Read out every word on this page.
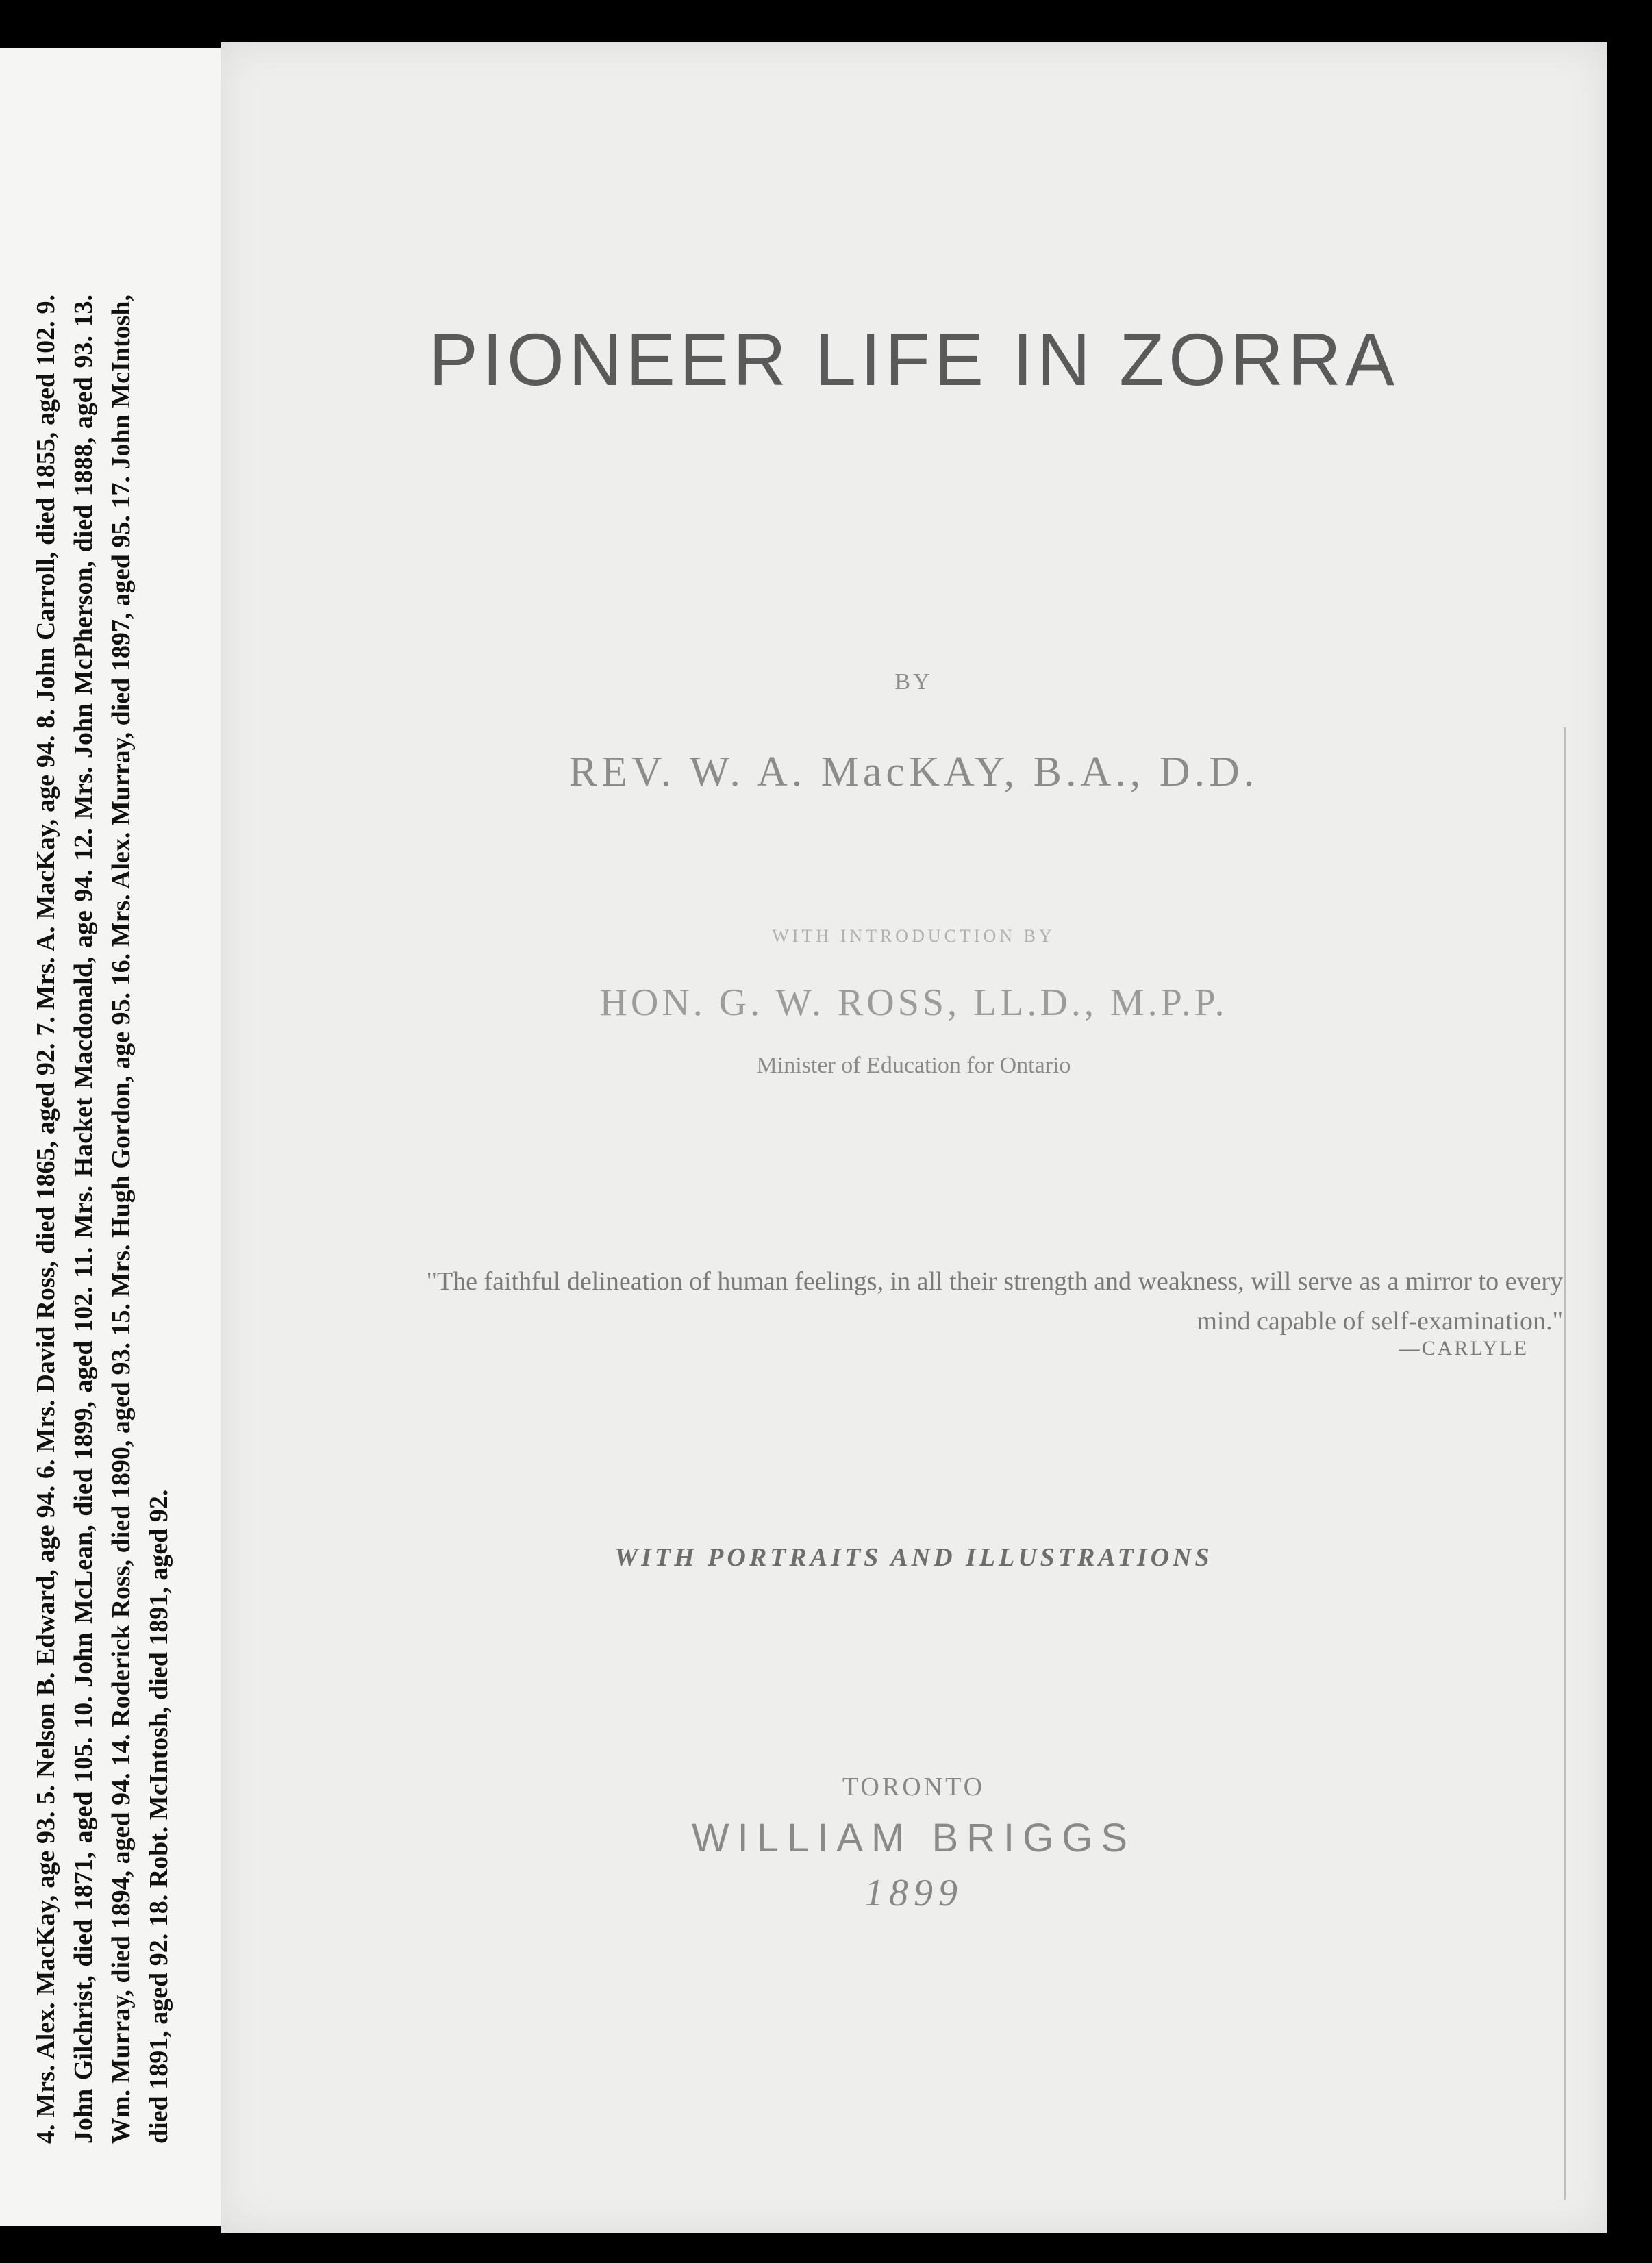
4. Mrs. Alex. MacKay, age 93. 5. Nelson B. Edward, age 94. 6. Mrs. David Ross, died 1865, aged 92. 7. Mrs. A. MacKay, age 94. 8. John Carroll, died 1855, aged 102. 9. John Gilchrist, died 1871, aged 105. 10. John McLean, died 1899, aged 102. 11. Mrs. Hacket Macdonald, age 94. 12. Mrs. John McPherson, died 1888, aged 93. 13. Wm. Murray, died 1894, aged 94. 14. Roderick Ross, died 1890, aged 93. 15. Mrs. Hugh Gordon, age 95. 16. Mrs. Alex. Murray, died 1897, aged 95. 17. John McIntosh, died 1891, aged 92. 18. Robt. McIntosh, died 1891, aged 92.
PIONEER LIFE IN ZORRA
BY
REV. W. A. MacKAY, B.A., D.D.
WITH INTRODUCTION BY
HON. G. W. ROSS, LL.D., M.P.P.
Minister of Education for Ontario
"The faithful delineation of human feelings, in all their strength and weakness, will serve as a mirror to every mind capable of self-examination."
—CARLYLE
WITH PORTRAITS AND ILLUSTRATIONS
TORONTO
WILLIAM BRIGGS
1899
